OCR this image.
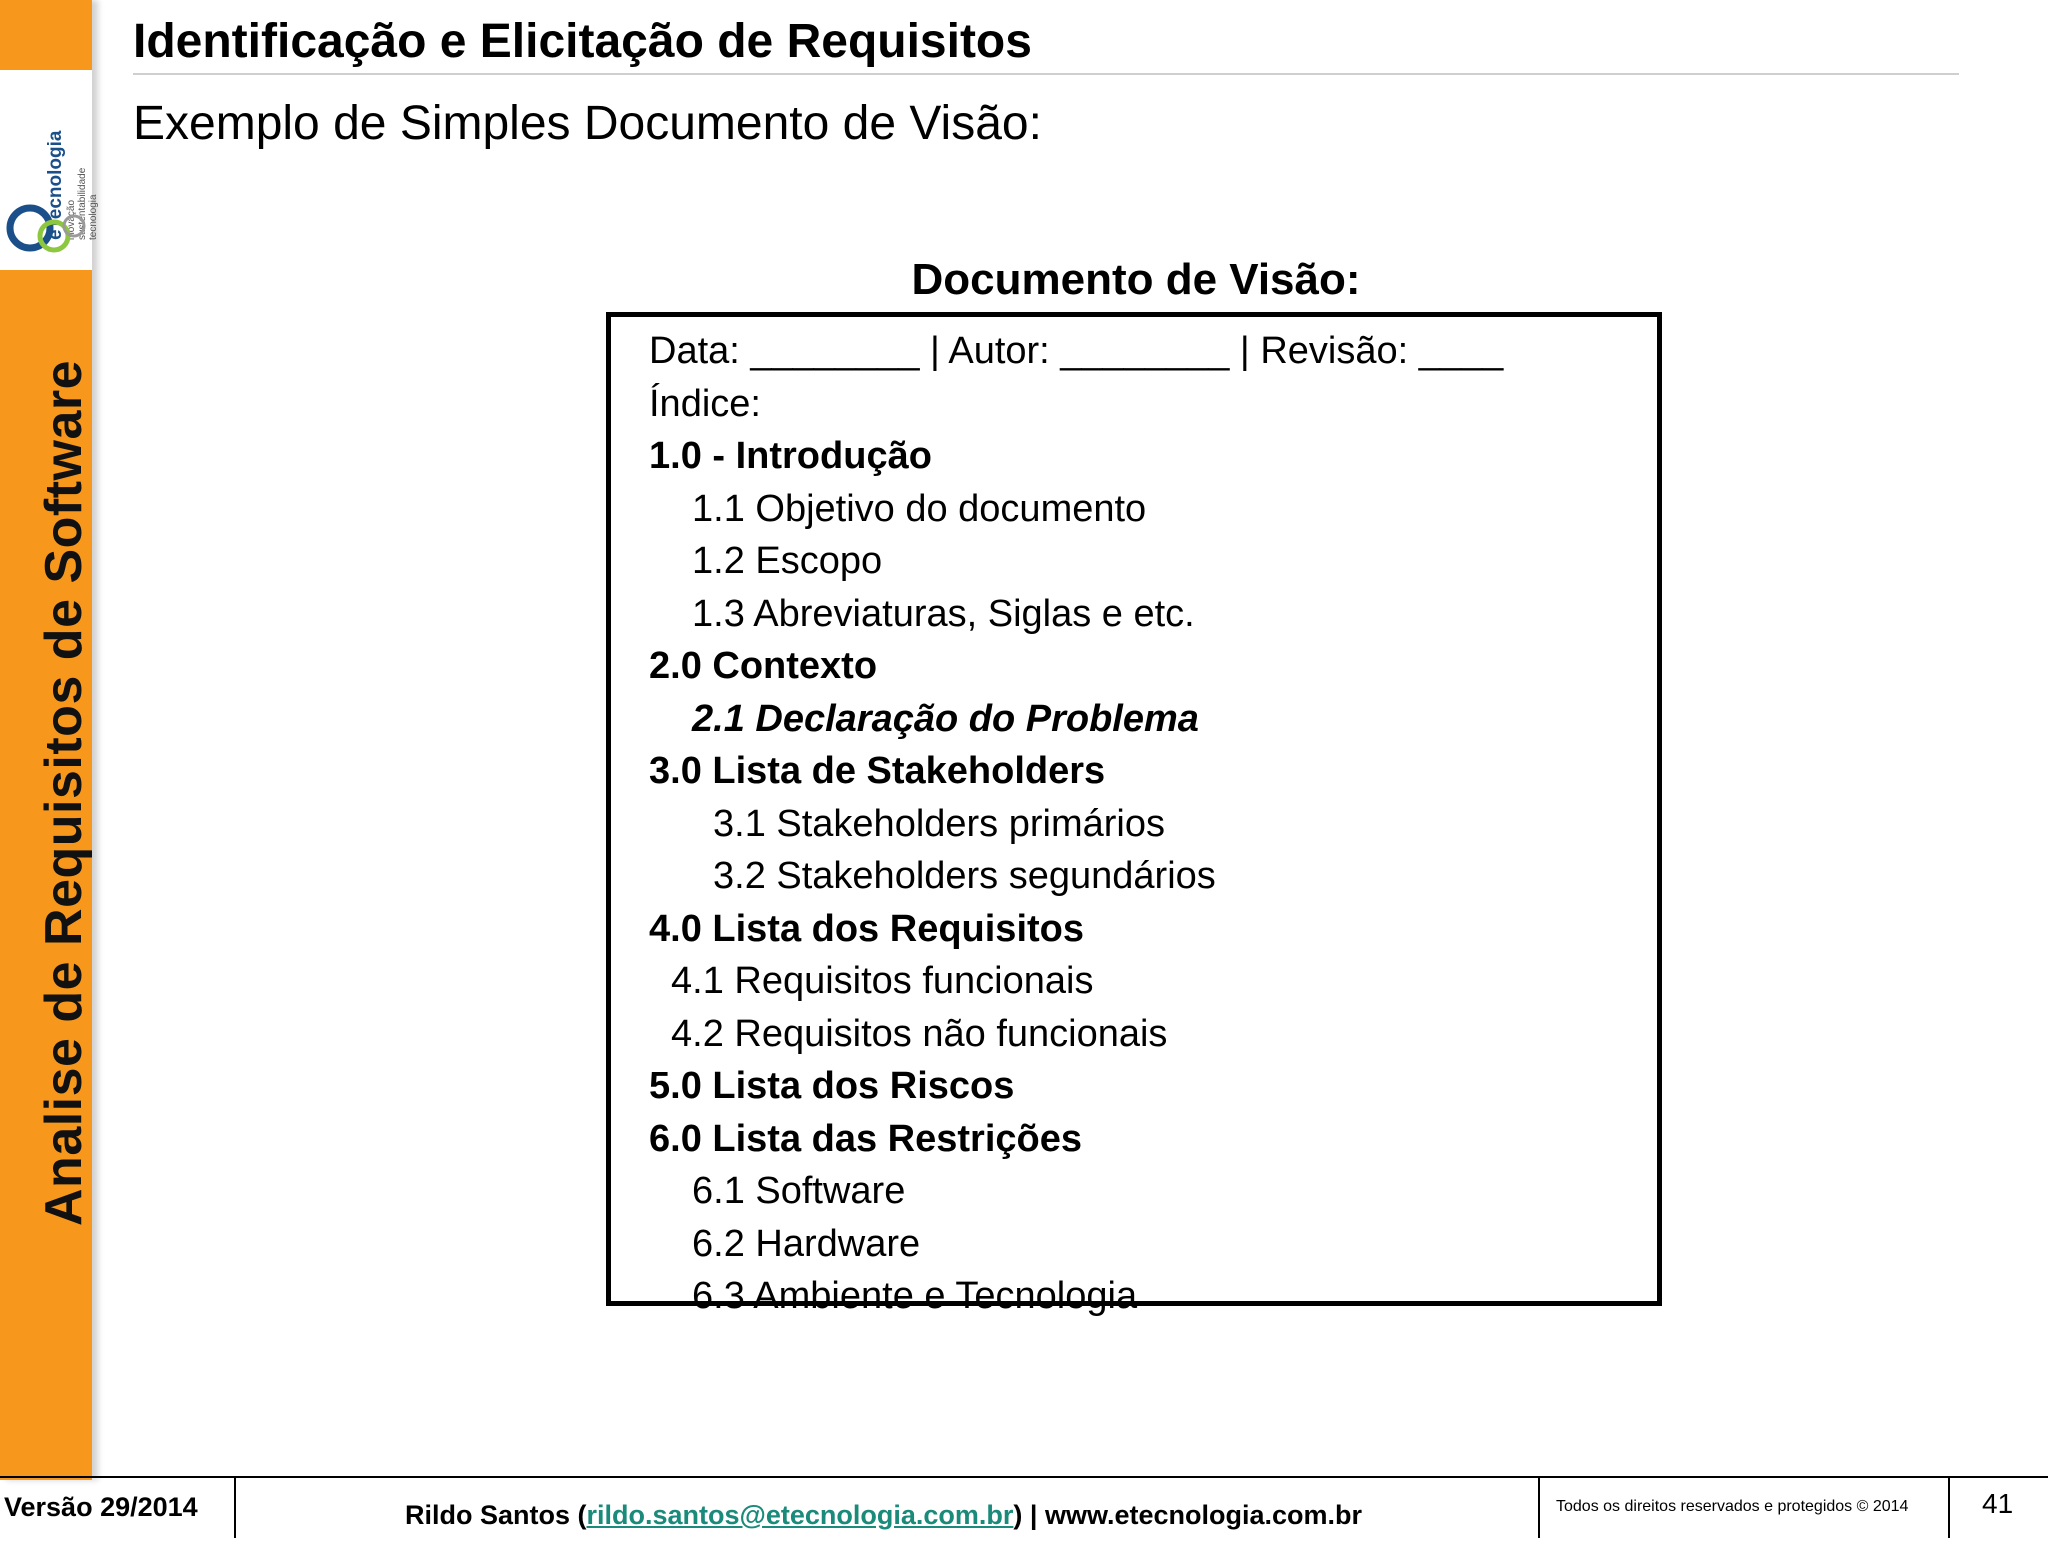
eTecnologia inovação sustentabilidade tecnologia
Analise de Requisitos de Software
Identificação e Elicitação de Requisitos
Exemplo de Simples Documento de Visão:
Documento de Visão:
Data: ________ | Autor: ________ | Revisão: ____
Índice:
1.0 - Introdução
1.1 Objetivo do documento
1.2 Escopo
1.3 Abreviaturas, Siglas e etc.
2.0 Contexto
2.1 Declaração do Problema
3.0 Lista de Stakeholders
3.1 Stakeholders primários
3.2 Stakeholders segundários
4.0 Lista dos Requisitos
4.1 Requisitos funcionais
4.2 Requisitos não funcionais
5.0 Lista dos Riscos
6.0 Lista das Restrições
6.1 Software
6.2 Hardware
6.3 Ambiente e Tecnologia
Versão 29/2014	Rildo Santos (rildo.santos@etecnologia.com.br) | www.etecnologia.com.br	Todos os direitos reservados e protegidos © 2014	41
